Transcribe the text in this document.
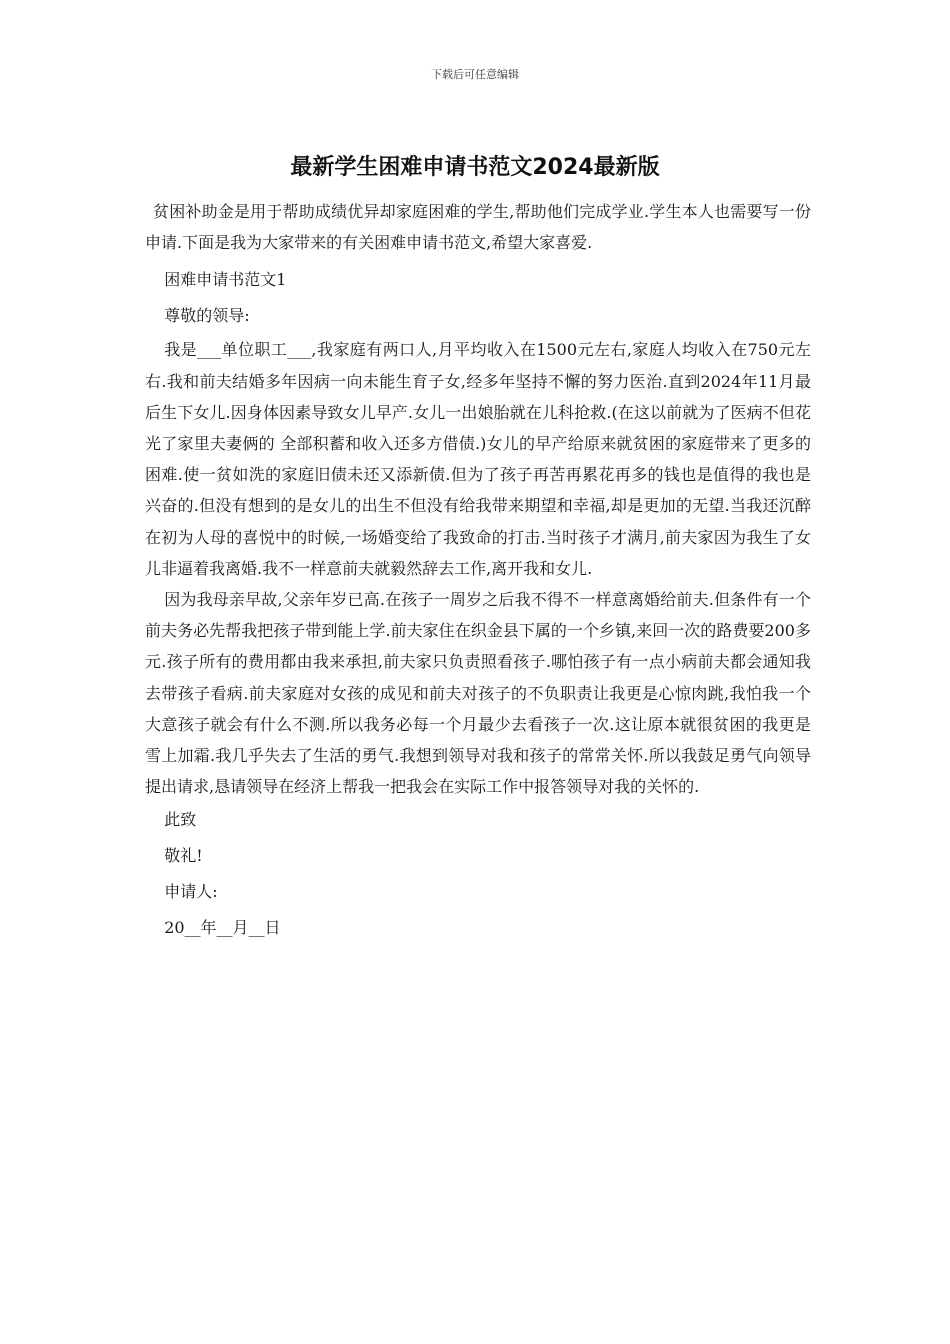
下载后可任意编辑
最新学生困难申请书范文2024最新版

贫困补助金是用于帮助成绩优异却家庭困难的学生,帮助他们完成学业.学生本人也需要写一份申请.下面是我为大家带来的有关困难申请书范文,希望大家喜爱.

困难申请书范文1

尊敬的领导:

我是___单位职工___,我家庭有两口人,月平均收入在1500元左右,家庭人均收入在750元左右.我和前夫结婚多年因病一向未能生育子女,经多年坚持不懈的努力医治.直到2024年11月最后生下女儿.因身体因素导致女儿早产.女儿一出娘胎就在儿科抢救.(在这以前就为了医病不但花光了家里夫妻俩的 全部积蓄和收入还多方借债.)女儿的早产给原来就贫困的家庭带来了更多的困难.使一贫如洗的家庭旧债未还又添新债.但为了孩子再苦再累花再多的钱也是值得的我也是兴奋的.但没有想到的是女儿的出生不但没有给我带来期望和幸福,却是更加的无望.当我还沉醉在初为人母的喜悦中的时候,一场婚变给了我致命的打击.当时孩子才满月,前夫家因为我生了女儿非逼着我离婚.我不一样意前夫就毅然辞去工作,离开我和女儿.

因为我母亲早故,父亲年岁已高.在孩子一周岁之后我不得不一样意离婚给前夫.但条件有一个前夫务必先帮我把孩子带到能上学.前夫家住在织金县下属的一个乡镇,来回一次的路费要200多元.孩子所有的费用都由我来承担,前夫家只负责照看孩子.哪怕孩子有一点小病前夫都会通知我去带孩子看病.前夫家庭对女孩的成见和前夫对孩子的不负职责让我更是心惊肉跳,我怕我一个大意孩子就会有什么不测.所以我务必每一个月最少去看孩子一次.这让原本就很贫困的我更是雪上加霜.我几乎失去了生活的勇气.我想到领导对我和孩子的常常关怀.所以我鼓足勇气向领导提出请求,恳请领导在经济上帮我一把我会在实际工作中报答领导对我的关怀的.

此致

敬礼!

申请人:

20__年__月__日
